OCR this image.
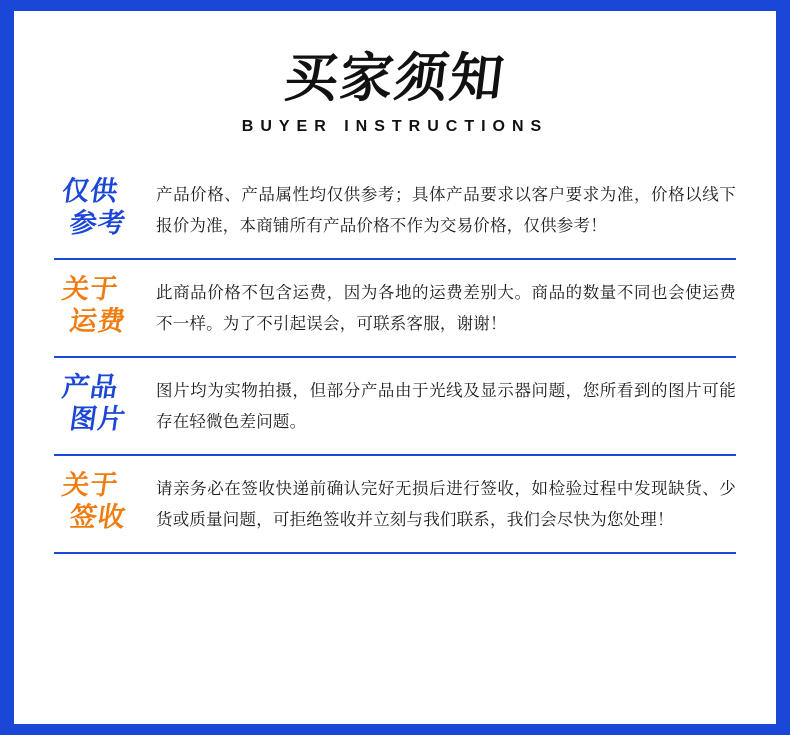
买家须知
BUYER INSTRUCTIONS
仅供
参考
产品价格、产品属性均仅供参考；具体产品要求以客户要求为准，价格以线下报价为准，本商铺所有产品价格不作为交易价格，仅供参考！
关于
运费
此商品价格不包含运费，因为各地的运费差别大。商品的数量不同也会使运费不一样。为了不引起误会，可联系客服，谢谢！
产品
图片
图片均为实物拍摄，但部分产品由于光线及显示器问题，您所看到的图片可能存在轻微色差问题。
关于
签收
请亲务必在签收快递前确认完好无损后进行签收，如检验过程中发现缺货、少货或质量问题，可拒绝签收并立刻与我们联系，我们会尽快为您处理！
